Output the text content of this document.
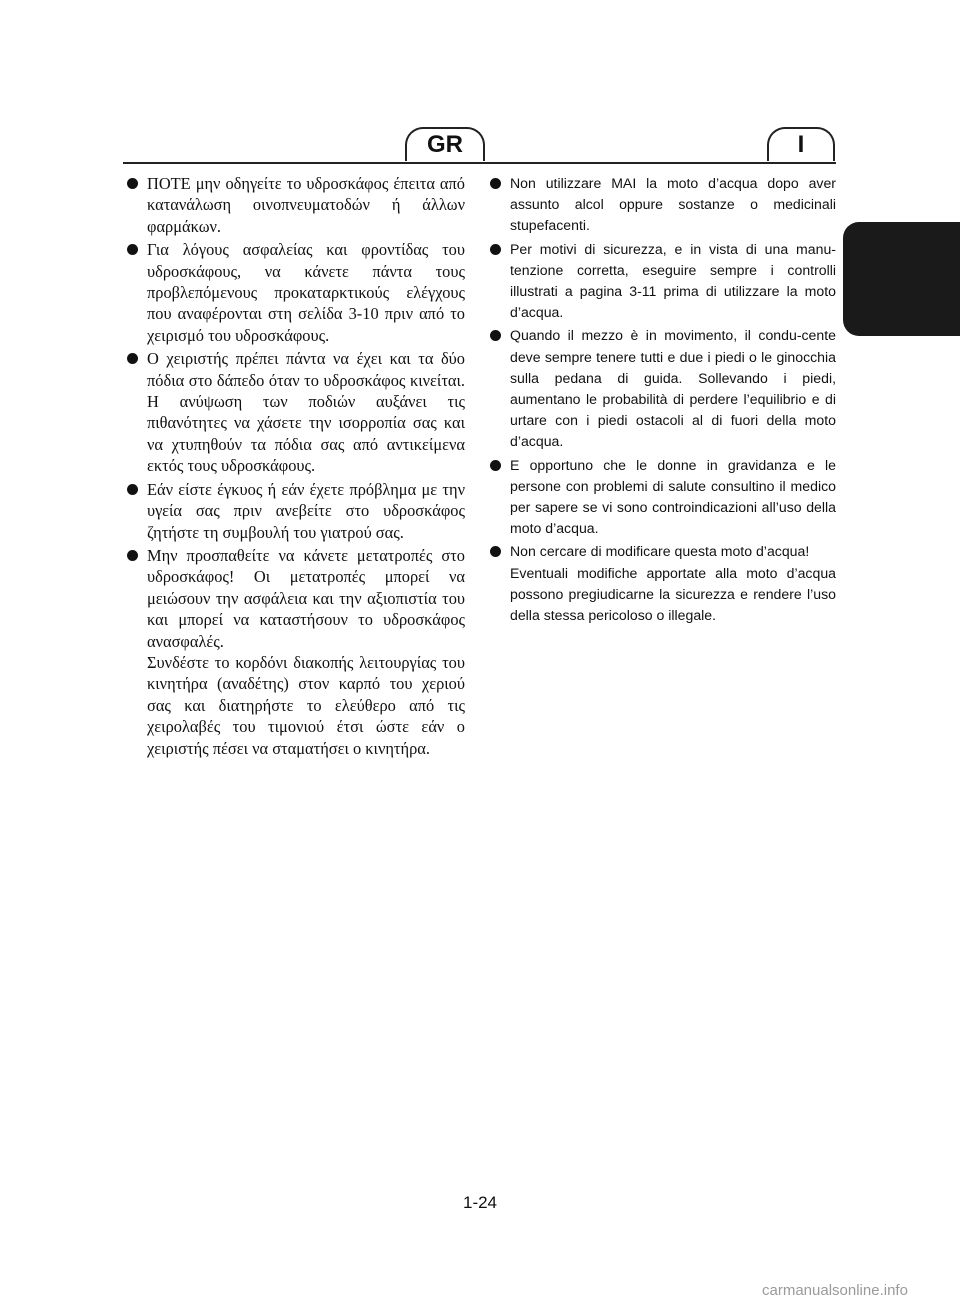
GR	I

ΠΟΤΕ μην οδηγείτε το υδροσκάφος έπειτα από κατανάλωση οινοπνευματοδών ή άλλων φαρμάκων.

Για λόγους ασφαλείας και φροντίδας του υδροσκάφους, να κάνετε πάντα τους προβλεπόμενους προκαταρκτικούς ελέγχους που αναφέρονται στη σελίδα 3-10 πριν από το χειρισμό του υδροσκάφους.

Ο χειριστής πρέπει πάντα να έχει και τα δύο πόδια στο δάπεδο όταν το υδροσκάφος κινείται. Η ανύψωση των ποδιών αυξάνει τις πιθανότητες να χάσετε την ισορροπία σας και να χτυπηθούν τα πόδια σας από αντικείμενα εκτός τους υδροσκάφους.

Εάν είστε έγκυος ή εάν έχετε πρόβλημα με την υγεία σας πριν ανεβείτε στο υδροσκάφος ζητήστε τη συμβουλή του γιατρού σας.

Μην προσπαθείτε να κάνετε μετατροπές στο υδροσκάφος! Οι μετατροπές μπορεί να μειώσουν την ασφάλεια και την αξιοπιστία του και μπορεί να καταστήσουν το υδροσκάφος ανασφαλές.

Συνδέστε το κορδόνι διακοπής λειτουργίας του κινητήρα (αναδέτης) στον καρπό του χεριού σας και διατηρήστε το ελεύθερο από τις χειρολαβές του τιμονιού έτσι ώστε εάν ο χειριστής πέσει να σταματήσει ο κινητήρα.

Non utilizzare MAI la moto d’acqua dopo aver assunto alcol oppure sostanze o medicinali stupefacenti.

Per motivi di sicurezza, e in vista di una manu-tenzione corretta, eseguire sempre i controlli illustrati a pagina 3-11 prima di utilizzare la moto d’acqua.

Quando il mezzo è in movimento, il condu-cente deve sempre tenere tutti e due i piedi o le ginocchia sulla pedana di guida. Sollevando i piedi, aumentano le probabilità di perdere l’equilibrio e di urtare con i piedi ostacoli al di fuori della moto d’acqua.

E opportuno che le donne in gravidanza e le persone con problemi di salute consultino il medico per sapere se vi sono controindicazioni all’uso della moto d’acqua.

Non cercare di modificare questa moto d’acqua!

Eventuali modifiche apportate alla moto d’acqua possono pregiudicarne la sicurezza e rendere l’uso della stessa pericoloso o illegale.

1-24
carmanualsonline.info
